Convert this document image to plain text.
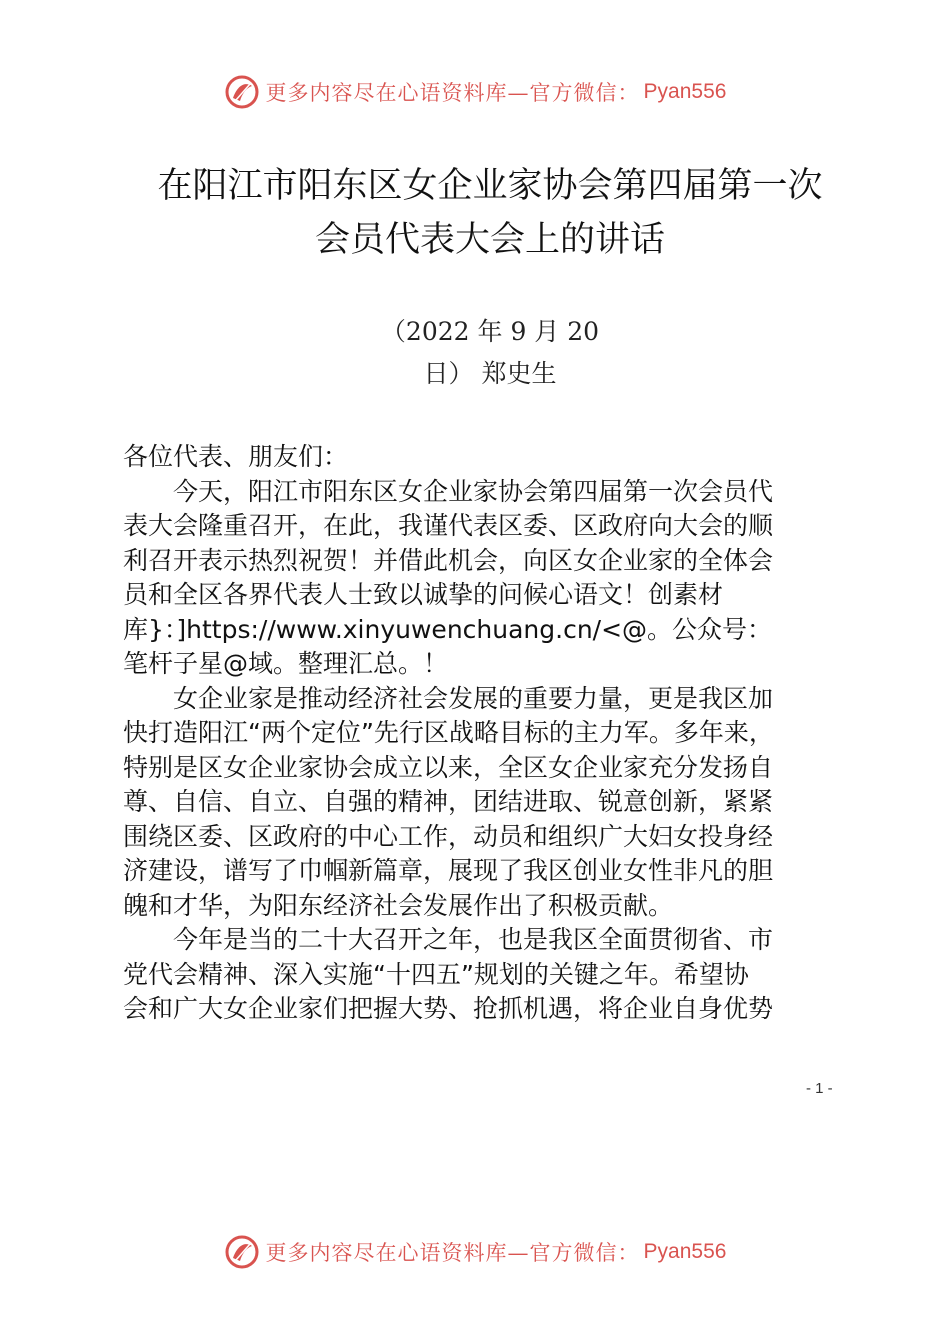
更多内容尽在心语资料库—官方微信： Pyan556
在阳江市阳东区女企业家协会第四届第一次
会员代表大会上的讲话
（2022 年 9 月 20
日） 郑史生
各位代表、朋友们：
　　今天，阳江市阳东区女企业家协会第四届第一次会员代
表大会隆重召开，在此，我谨代表区委、区政府向大会的顺
利召开表示热烈祝贺！并借此机会，向区女企业家的全体会
员和全区各界代表人士致以诚挚的问候心语文！创素材
库}：]https://www.xinyuwenchuang.cn/<@。公众号：
笔杆子星@域。整理汇总。！
　　女企业家是推动经济社会发展的重要力量，更是我区加
快打造阳江“两个定位”先行区战略目标的主力军。多年来，
特别是区女企业家协会成立以来，全区女企业家充分发扬自
尊、自信、自立、自强的精神，团结进取、锐意创新，紧紧
围绕区委、区政府的中心工作，动员和组织广大妇女投身经
济建设，谱写了巾帼新篇章，展现了我区创业女性非凡的胆
魄和才华，为阳东经济社会发展作出了积极贡献。
　　今年是当的二十大召开之年，也是我区全面贯彻省、市
党代会精神、深入实施“十四五”规划的关键之年。希望协
会和广大女企业家们把握大势、抢抓机遇，将企业自身优势
- 1 -
更多内容尽在心语资料库—官方微信： Pyan556
